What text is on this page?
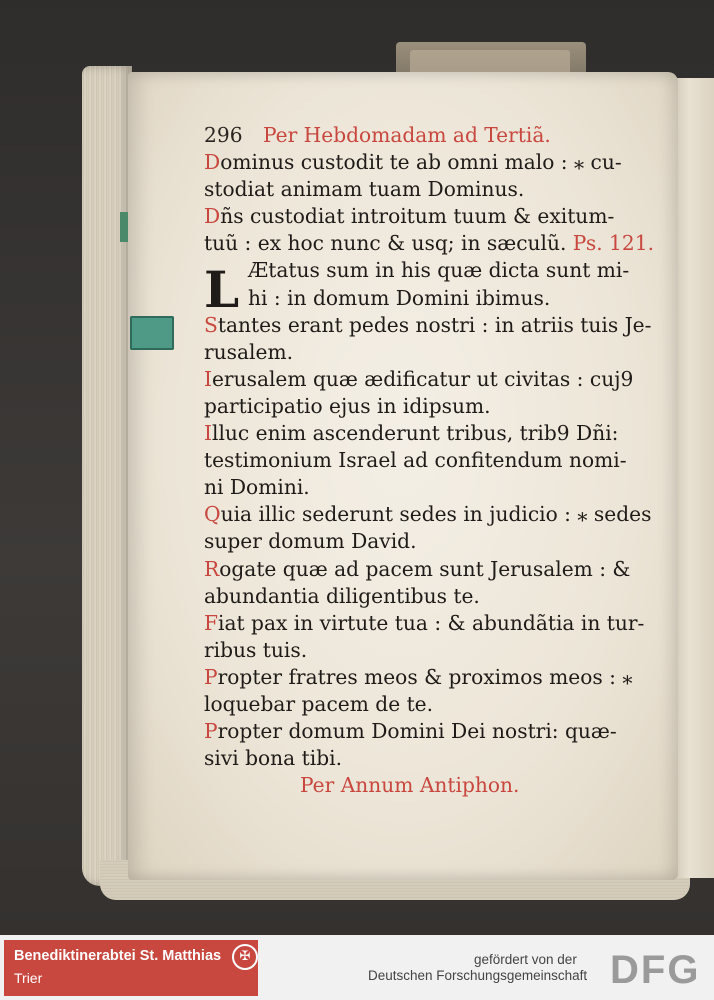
L
296 Per Hebdomadam ad Tertiã.
Dominus custodit te ab omni malo : ⁎ cu-
stodiat animam tuam Dominus.
Dñs custodiat introitum tuum & exitum-
tuũ : ex hoc nunc & usq; in sæculũ. Ps. 121.
Ætatus sum in his quæ dicta sunt mi-
hi : in domum Domini ibimus.
Stantes erant pedes nostri : in atriis tuis Je-
rusalem.
Ierusalem quæ ædificatur ut civitas : cuj9
participatio ejus in idipsum.
Illuc enim ascenderunt tribus, trib9 Dñi:
testimonium Israel ad confitendum nomi-
ni Domini.
Quia illic sederunt sedes in judicio : ⁎ sedes
super domum David.
Rogate quæ ad pacem sunt Jerusalem : &
abundantia diligentibus te.
Fiat pax in virtute tua : & abundãtia in tur-
ribus tuis.
Propter fratres meos & proximos meos : ⁎
loquebar pacem de te.
Propter domum Domini Dei nostri: quæ-
sivi bona tibi.
Per Annum Antiphon.
Benediktinerabtei St. Matthias
Trier
✠	gefördert von der
Deutschen Forschungsgemeinschaft DFG
